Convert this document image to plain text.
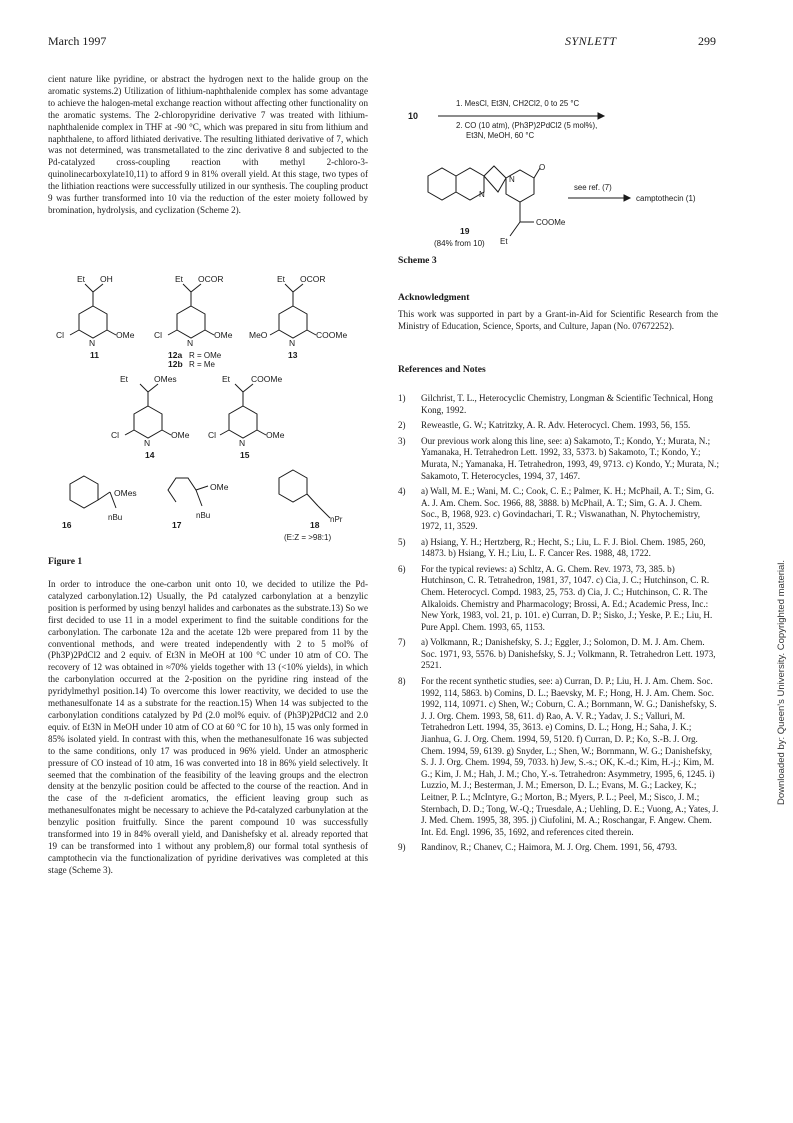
March 1997	SYNLETT	299

cient nature like pyridine, or abstract the hydrogen next to the halide group on the aromatic systems.2) Utilization of lithium-naphthalenide complex has some advantage to achieve the halogen-metal exchange reaction without affecting other functionality on the aromatic systems. The 2-chloropyridine derivative 7 was treated with lithium-naphthalenide complex in THF at -90 °C, which was prepared in situ from lithium and naphthalene, to afford lithiated derivative. The resulting lithiated derivative of 7, which was not determined, was transmetallated to the zinc derivative 8 and subjected to the Pd-catalyzed cross-coupling reaction with methyl 2-chloro-3-quinolinecarboxylate10,11) to afford 9 in 81% overall yield. At this stage, two types of the lithiation reactions were successfully utilized in our synthesis. The coupling product 9 was further transformed into 10 via the reduction of the ester moiety followed by bromination, hydrolysis, and cyclization (Scheme 2).

Et OH
Cl
N
OMe
11
Et OCOR
Cl
N
OMe
12a R = OMe
12b R = Me
Et OCOR
MeO
N
COOMe
13
Et	OMes
Cl
N
OMe
14
Et COOMe
Cl
N
OMe
15
OMes
nBu
16
OMe
nBu
17
nPr
18
(E:Z = >98:1)
Figure 1

In order to introduce the one-carbon unit onto 10, we decided to utilize the Pd-catalyzed carbonylation.12) Usually, the Pd catalyzed carbonylation at a benzylic position is performed by using benzyl halides and carbonates as the substrate.13) So we first decided to use 11 in a model experiment to find the suitable conditions for the carbonylation. The carbonate 12a and the acetate 12b were prepared from 11 by the conventional methods, and were treated independently with 2 to 5 mol% of (Ph3P)2PdCl2 and 2 equiv. of Et3N in MeOH at 100 °C under 10 atm of CO. The recovery of 12 was obtained in ≈70% yields together with 13 (<10% yields), in which the carbonylation occurred at the 2-position on the pyridine ring instead of the pyridylmethyl position.14) To overcome this lower reactivity, we decided to use the methanesulfonate 14 as a substrate for the reaction.15) When 14 was subjected to the carbonylation conditions catalyzed by Pd (2.0 mol% equiv. of (Ph3P)2PdCl2 and 2.0 equiv. of Et3N in MeOH under 10 atm of CO at 60 °C for 10 h), 15 was only formed in 85% isolated yield. In contrast with this, when the methanesulfonate 16 was subjected to the same conditions, only 17 was produced in 96% yield. Under an atmospheric pressure of CO instead of 10 atm, 16 was converted into 18 in 86% yield selectively. It seemed that the combination of the feasibility of the leaving groups and the electron density at the benzylic position could be affected to the course of the reaction. And in the case of the π-deficient aromatics, the efficient leaving group such as methanesulfonates might be necessary to achieve the Pd-catalyzed carbunylation at the benzylic position fruitfully. Since the parent compound 10 was successfully transformed into 19 in 84% overall yield, and Danishefsky et al. already reported that 19 can be transformed into 1 without any problem,8) our formal total synthesis of camptothecin via the functionalization of pyridine derivatives was completed at this stage (Scheme 3).

10
1. MesCl, Et3N, CH2Cl2, 0 to 25 °C
2. CO (10 atm), (Ph3P)2PdCl2 (5 mol%),
Et3N, MeOH, 60 °C
N
N
O
COOMe
Et
19
(84% from 10)
see ref. (7)
camptothecin (1)
Scheme 3

Acknowledgment

This work was supported in part by a Grant-in-Aid for Scientific Research from the Ministry of Education, Science, Sports, and Culture, Japan (No. 07672252).

References and Notes

1) Gilchrist, T. L., Heterocyclic Chemistry, Longman & Scientific Technical, Hong Kong, 1992.
2) Reweastle, G. W.; Katritzky, A. R. Adv. Heterocycl. Chem. 1993, 56, 155.
3) Our previous work along this line, see: a) Sakamoto, T.; Kondo, Y.; Murata, N.; Yamanaka, H. Tetrahedron Lett. 1992, 33, 5373. b) Sakamoto, T.; Kondo, Y.; Murata, N.; Yamanaka, H. Tetrahedron, 1993, 49, 9713. c) Kondo, Y.; Murata, N.; Sakamoto, T. Heterocycles, 1994, 37, 1467.
4) a) Wall, M. E.; Wani, M. C.; Cook, C. E.; Palmer, K. H.; McPhail, A. T.; Sim, G. A. J. Am. Chem. Soc. 1966, 88, 3888. b) McPhail, A. T.; Sim, G. A. J. Chem. Soc., B, 1968, 923. c) Govindachari, T. R.; Viswanathan, N. Phytochemistry, 1972, 11, 3529.
5) a) Hsiang, Y. H.; Hertzberg, R.; Hecht, S.; Liu, L. F. J. Biol. Chem. 1985, 260, 14873. b) Hsiang, Y. H.; Liu, L. F. Cancer Res. 1988, 48, 1722.
6) For the typical reviews: a) Schltz, A. G. Chem. Rev. 1973, 73, 385. b) Hutchinson, C. R. Tetrahedron, 1981, 37, 1047. c) Cia, J. C.; Hutchinson, C. R. Chem. Heterocycl. Compd. 1983, 25, 753. d) Cia, J. C.; Hutchinson, C. R. The Alkaloids. Chemistry and Pharmacology; Brossi, A. Ed.; Academic Press, Inc.: New York, 1983, vol. 21, p. 101. e) Curran, D. P.; Sisko, J.; Yeske, P. E.; Liu, H. Pure Appl. Chem. 1993, 65, 1153.
7) a) Volkmann, R.; Danishefsky, S. J.; Eggler, J.; Solomon, D. M. J. Am. Chem. Soc. 1971, 93, 5576. b) Danishefsky, S. J.; Volkmann, R. Tetrahedron Lett. 1973, 2521.
8) For the recent synthetic studies, see: a) Curran, D. P.; Liu, H. J. Am. Chem. Soc. 1992, 114, 5863. b) Comins, D. L.; Baevsky, M. F.; Hong, H. J. Am. Chem. Soc. 1992, 114, 10971. c) Shen, W.; Coburn, C. A.; Bornmann, W. G.; Danishefsky, S. J. J. Org. Chem. 1993, 58, 611. d) Rao, A. V. R.; Yadav, J. S.; Valluri, M. Tetrahedron Lett. 1994, 35, 3613. e) Comins, D. L.; Hong, H.; Saha, J. K.; Jianhua, G. J. Org. Chem. 1994, 59, 5120. f) Curran, D. P.; Ko, S.-B. J. Org. Chem. 1994, 59, 6139. g) Snyder, L.; Shen, W.; Bornmann, W. G.; Danishefsky, S. J. J. Org. Chem. 1994, 59, 7033. h) Jew, S.-s.; OK, K.-d.; Kim, H.-j.; Kim, M. G.; Kim, J. M.; Hah, J. M.; Cho, Y.-s. Tetrahedron: Asymmetry, 1995, 6, 1245. i) Luzzio, M. J.; Besterman, J. M.; Emerson, D. L.; Evans, M. G.; Lackey, K.; Leitner, P. L.; McIntyre, G.; Morton, B.; Myers, P. L.; Peel, M.; Sisco, J. M.; Sternbach, D. D.; Tong, W.-Q.; Truesdale, A.; Uehling, D. E.; Vuong, A.; Yates, J. J. Med. Chem. 1995, 38, 395. j) Ciufolini, M. A.; Roschangar, F. Angew. Chem. Int. Ed. Engl. 1996, 35, 1692, and references cited therein.
9) Randinov, R.; Chanev, C.; Haimora, M. J. Org. Chem. 1991, 56, 4793.
Downloaded by: Queen's University. Copyrighted material.
